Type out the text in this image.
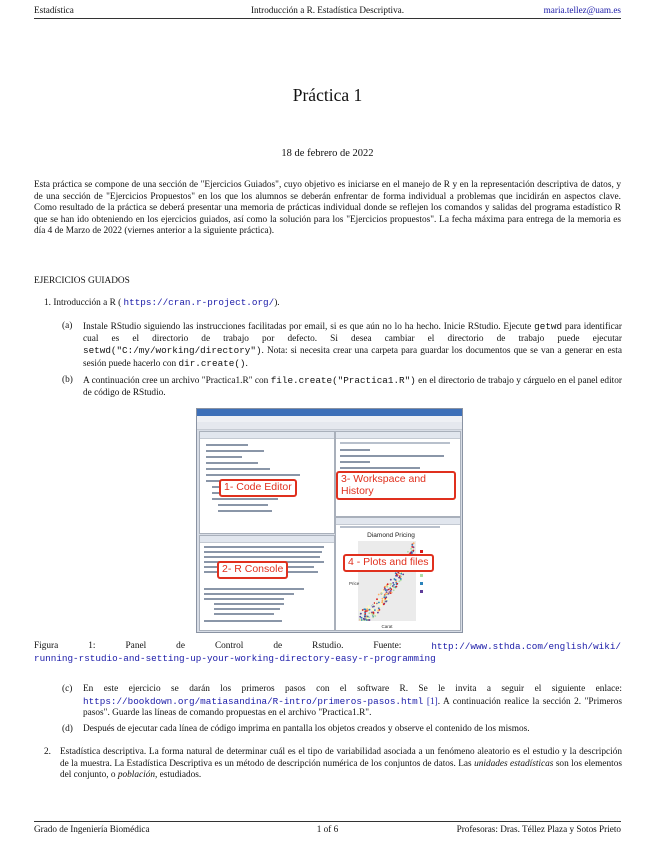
Estadística	Introducción a R. Estadística Descriptiva.	maria.tellez@uam.es
Práctica 1
18 de febrero de 2022
Esta práctica se compone de una sección de "Ejercicios Guiados", cuyo objetivo es iniciarse en el manejo de R y en la representación descriptiva de datos, y de una sección de "Ejercicios Propuestos" en los que los alumnos se deberán enfrentar de forma individual a problemas que incidirán en aspectos clave. Como resultado de la práctica se deberá presentar una memoria de prácticas individual donde se reflejen los comandos y salidas del programa estadístico R que se han ido obteniendo en los ejercicios guiados, así como la solución para los "Ejercicios propuestos". La fecha máxima para entrega de la memoria es día 4 de Marzo de 2022 (viernes anterior a la siguiente práctica).
EJERCICIOS GUIADOS
1. Introducción a R ( https://cran.r-project.org/).
(a) Instale RStudio siguiendo las instrucciones facilitadas por email, si es que aún no lo ha hecho. Inicie RStudio. Ejecute getwd para identificar cual es el directorio de trabajo por defecto. Si desea cambiar el directorio de trabajo puede ejecutar setwd("C:/my/working/directory"). Nota: si necesita crear una carpeta para guardar los documentos que se van a generar en esta sesión puede hacerlo con dir.create().
(b) A continuación cree un archivo "Practica1.R" con file.create("Practica1.R") en el directorio de trabajo y cárguelo en el panel editor de código de RStudio.
Diamond Pricing
Price
Carat
1- Code Editor
2- R Console
3- Workspace and History
4 - Plots and files
Figura	1:	Panel	de	Control	de	Rstudio.	Fuente:	http://www.sthda.com/english/wiki/
running-rstudio-and-setting-up-your-working-directory-easy-r-programming
(c) En este ejercicio se darán los primeros pasos con el software R. Se le invita a seguir el siguiente enlace: https://bookdown.org/matiasandina/R-intro/primeros-pasos.html [1]. A continuación realice la sección 2. "Primeros pasos". Guarde las líneas de comando propuestas en el archivo "Practica1.R".
(d) Después de ejecutar cada línea de código imprima en pantalla los objetos creados y observe el contenido de los mismos.
2. Estadística descriptiva. La forma natural de determinar cuál es el tipo de variabilidad asociada a un fenómeno aleatorio es el estudio y la descripción de la muestra. La Estadística Descriptiva es un método de descripción numérica de los conjuntos de datos. Las unidades estadísticas son los elementos del conjunto, o población, estudiados.
Grado de Ingeniería Biomédica	1 of 6	Profesoras: Dras. Téllez Plaza y Sotos Prieto
